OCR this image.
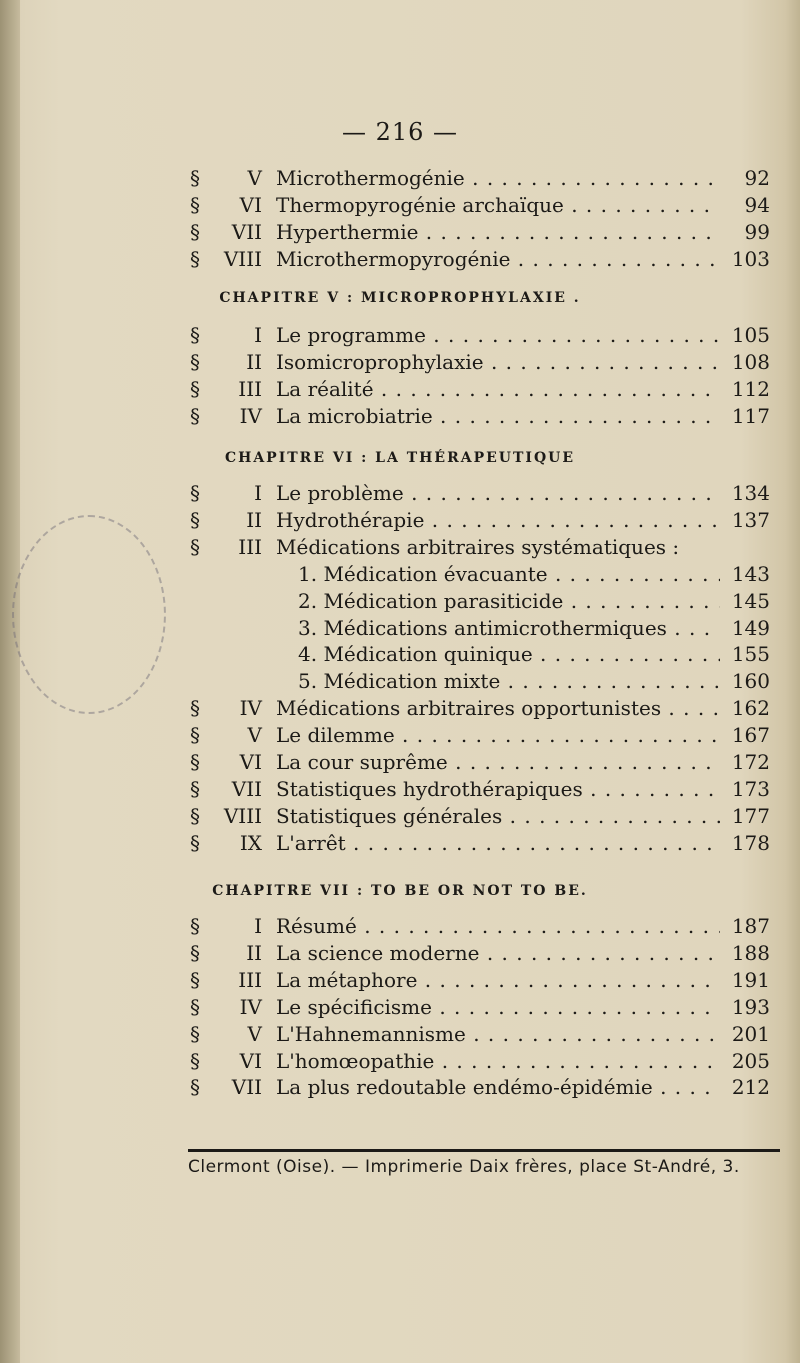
— 216 —
§	V Microthermogénie . . .	92
§	VI Thermopyrogénie archaïque . . .	94
§	VII Hyperthermie . . .	99
§	VIII Microthermopyrogénie . . .	103
CHAPITRE V : MICROPROPHYLAXIE .
§	I Le programme . . .	105
§	II Isomicroprophylaxie . . .	108
§	III La réalité . . .	112
§	IV La microbiatrie . . .	117
CHAPITRE VI : LA THÉRAPEUTIQUE
§	I Le problème . . .	134
§	II Hydrothérapie . . .	137
§	III Médications arbitraires systématiques :
1. Médication évacuante . . .	143
2. Médication parasiticide . . .	145
3. Médications antimicrothermiques . . .	149
4. Médication quinique . . .	155
5. Médication mixte . . .	160
§	IV Médications arbitraires opportunistes . . .	162
§	V Le dilemme . . .	167
§	VI La cour suprême . . .	172
§	VII Statistiques hydrothérapiques . . .	173
§	VIII Statistiques générales . . .	177
§	IX L'arrêt . . .	178
CHAPITRE VII : TO BE OR NOT TO BE.
§	I Résumé . . .	187
§	II La science moderne . . .	188
§	III La métaphore . . .	191
§	IV Le spécificisme . . .	193
§	V L'Hahnemannisme . . .	201
§	VI L'homœopathie . . .	205
§	VII La plus redoutable endémo-épidémie . . .	212
Clermont (Oise). — Imprimerie Daix frères, place St-André, 3.
